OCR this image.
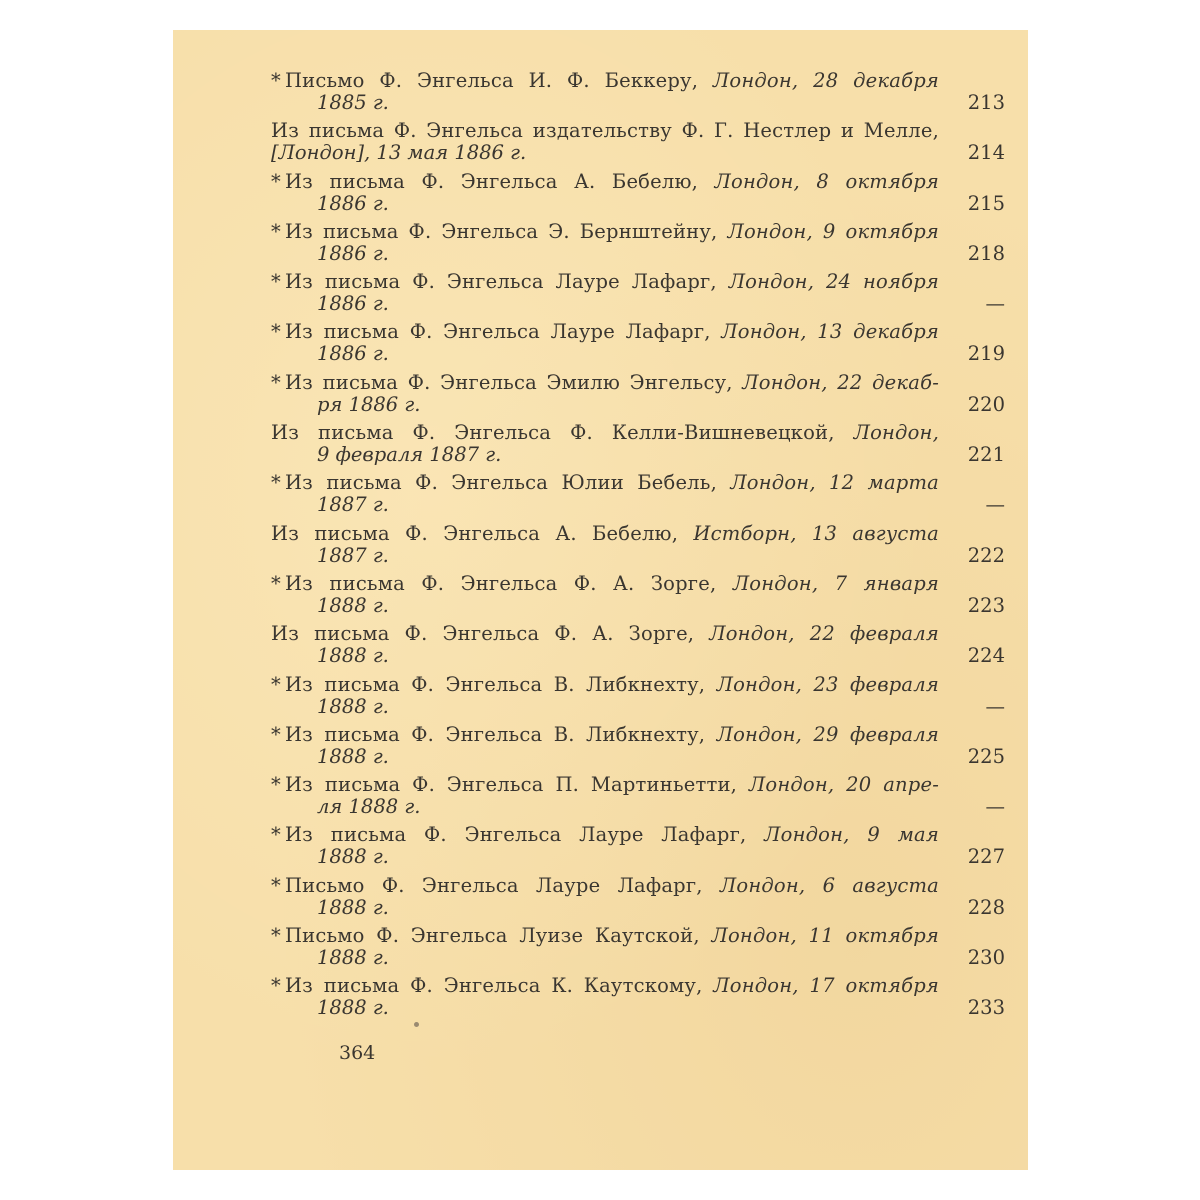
* Письмо Ф. Энгельса И. Ф. Беккеру, Лондон, 28 декабря
1885 г.	213
Из письма Ф. Энгельса издательству Ф. Г. Нестлер и Мелле,
[Лондон], 13 мая 1886 г.	214
* Из письма Ф. Энгельса А. Бебелю, Лондон, 8 октября
1886 г.	215
* Из письма Ф. Энгельса Э. Бернштейну, Лондон, 9 октября
1886 г.	218
* Из письма Ф. Энгельса Лауре Лафарг, Лондон, 24 ноября
1886 г.	—
* Из письма Ф. Энгельса Лауре Лафарг, Лондон, 13 декабря
1886 г.	219
* Из письма Ф. Энгельса Эмилю Энгельсу, Лондон, 22 декаб-
ря 1886 г.	220
Из письма Ф. Энгельса Ф. Келли-Вишневецкой, Лондон,
9 февраля 1887 г.	221
* Из письма Ф. Энгельса Юлии Бебель, Лондон, 12 марта
1887 г.	—
Из письма Ф. Энгельса А. Бебелю, Истборн, 13 августа
1887 г.	222
* Из письма Ф. Энгельса Ф. А. Зорге, Лондон, 7 января
1888 г.	223
Из письма Ф. Энгельса Ф. А. Зорге, Лондон, 22 февраля
1888 г.	224
* Из письма Ф. Энгельса В. Либкнехту, Лондон, 23 февраля
1888 г.	—
* Из письма Ф. Энгельса В. Либкнехту, Лондон, 29 февраля
1888 г.	225
* Из письма Ф. Энгельса П. Мартиньетти, Лондон, 20 апре-
ля 1888 г.	—
* Из письма Ф. Энгельса Лауре Лафарг, Лондон, 9 мая
1888 г.	227
* Письмо Ф. Энгельса Лауре Лафарг, Лондон, 6 августа
1888 г.	228
* Письмо Ф. Энгельса Луизе Каутской, Лондон, 11 октября
1888 г.	230
* Из письма Ф. Энгельса К. Каутскому, Лондон, 17 октября
1888 г.	233
364
